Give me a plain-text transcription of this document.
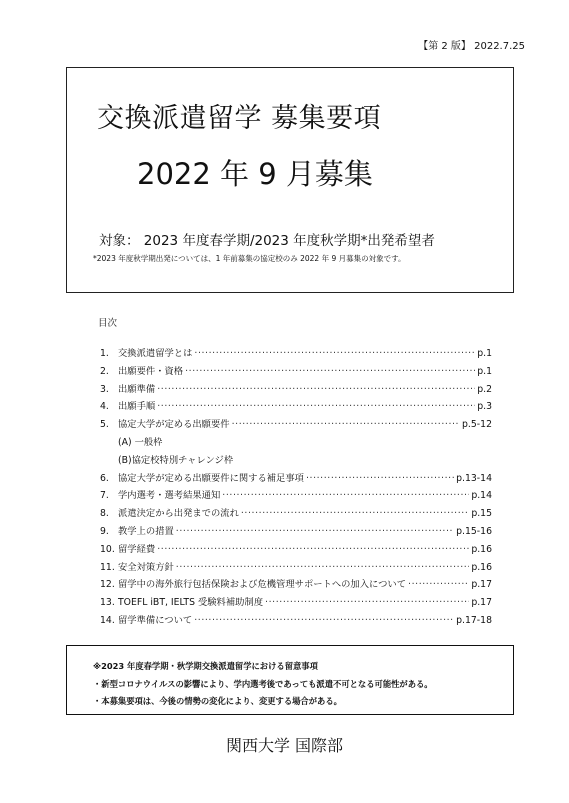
【第 2 版】 2022.7.25
交換派遣留学 募集要項
2022 年 9 月募集
対象： 2023 年度春学期/2023 年度秋学期*出発希望者
*2023 年度秋学期出発については、1 年前募集の協定校のみ 2022 年 9 月募集の対象です。
目次
1. 交換派遣留学とは ·····	p.1
2. 出願要件・資格 ·····	p.1
3. 出願準備 ·····	p.2
4. 出願手順 ·····	p.3
5. 協定大学が定める出願要件 ·····	p.5-12
(A) 一般枠
(B)協定校特別チャレンジ枠
6. 協定大学が定める出願要件に関する補足事項 ·····	p.13-14
7. 学内選考・選考結果通知 ·····	p.14
8. 派遣決定から出発までの流れ ·····	p.15
9. 教学上の措置 ·····	p.15-16
10. 留学経費 ·····	p.16
11. 安全対策方針 ·····	p.16
12. 留学中の海外旅行包括保険および危機管理サポートへの加入について ·····	p.17
13. TOEFL iBT, IELTS 受験料補助制度 ·····	p.17
14. 留学準備について ·····	p.17-18
※2023 年度春学期・秋学期交換派遣留学における留意事項
・新型コロナウイルスの影響により、学内選考後であっても派遣不可となる可能性がある。
・本募集要項は、今後の情勢の変化により、変更する場合がある。
関西大学 国際部
